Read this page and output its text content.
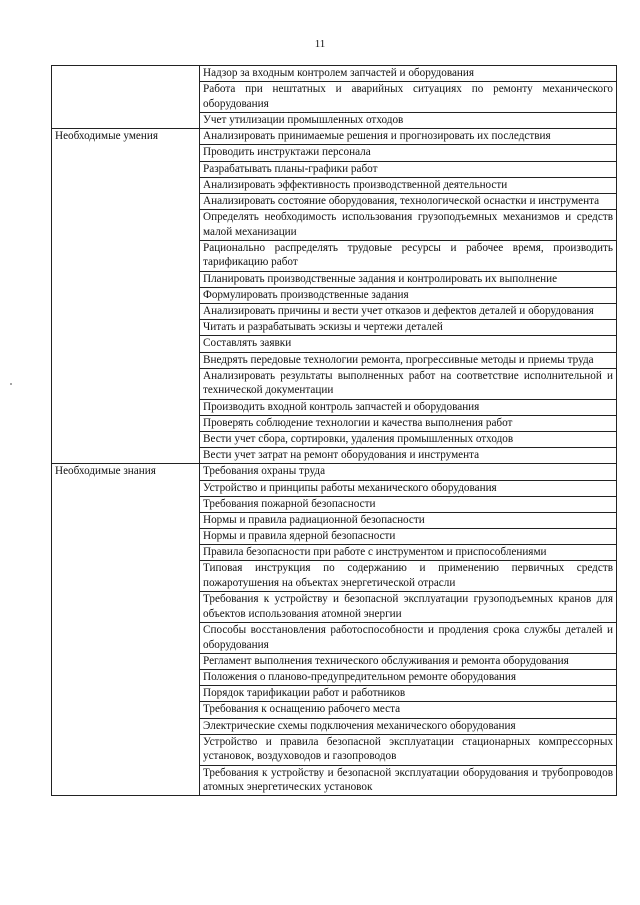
11
	Надзор за входным контролем запчастей и оборудования
	Работа при нештатных и аварийных ситуациях по ремонту механического оборудования
	Учет утилизации промышленных отходов
Необходимые умения	Анализировать принимаемые решения и прогнозировать их последствия
	Проводить инструктажи персонала
	Разрабатывать планы-графики работ
	Анализировать эффективность производственной деятельности
	Анализировать состояние оборудования, технологической оснастки и инструмента
	Определять необходимость использования грузоподъемных механизмов и средств малой механизации
	Рационально распределять трудовые ресурсы и рабочее время, производить тарификацию работ
	Планировать производственные задания и контролировать их выполнение
	Формулировать производственные задания
	Анализировать причины и вести учет отказов и дефектов деталей и оборудования
	Читать и разрабатывать эскизы и чертежи деталей
	Составлять заявки
	Внедрять передовые технологии ремонта, прогрессивные методы и приемы труда
	Анализировать результаты выполненных работ на соответствие исполнительной и технической документации
	Производить входной контроль запчастей и оборудования
	Проверять соблюдение технологии и качества выполнения работ
	Вести учет сбора, сортировки, удаления промышленных отходов
	Вести учет затрат на ремонт оборудования и инструмента
Необходимые знания	Требования охраны труда
	Устройство и принципы работы механического оборудования
	Требования пожарной безопасности
	Нормы и правила радиационной безопасности
	Нормы и правила ядерной безопасности
	Правила безопасности при работе с инструментом и приспособлениями
	Типовая инструкция по содержанию и применению первичных средств пожаротушения на объектах энергетической отрасли
	Требования к устройству и безопасной эксплуатации грузоподъемных кранов для объектов использования атомной энергии
	Способы восстановления работоспособности и продления срока службы деталей и оборудования
	Регламент выполнения технического обслуживания и ремонта оборудования
	Положения о планово-предупредительном ремонте оборудования
	Порядок тарификации работ и работников
	Требования к оснащению рабочего места
	Электрические схемы подключения механического оборудования
	Устройство и правила безопасной эксплуатации стационарных компрессорных установок, воздуховодов и газопроводов
	Требования к устройству и безопасной эксплуатации оборудования и трубопроводов атомных энергетических установок
